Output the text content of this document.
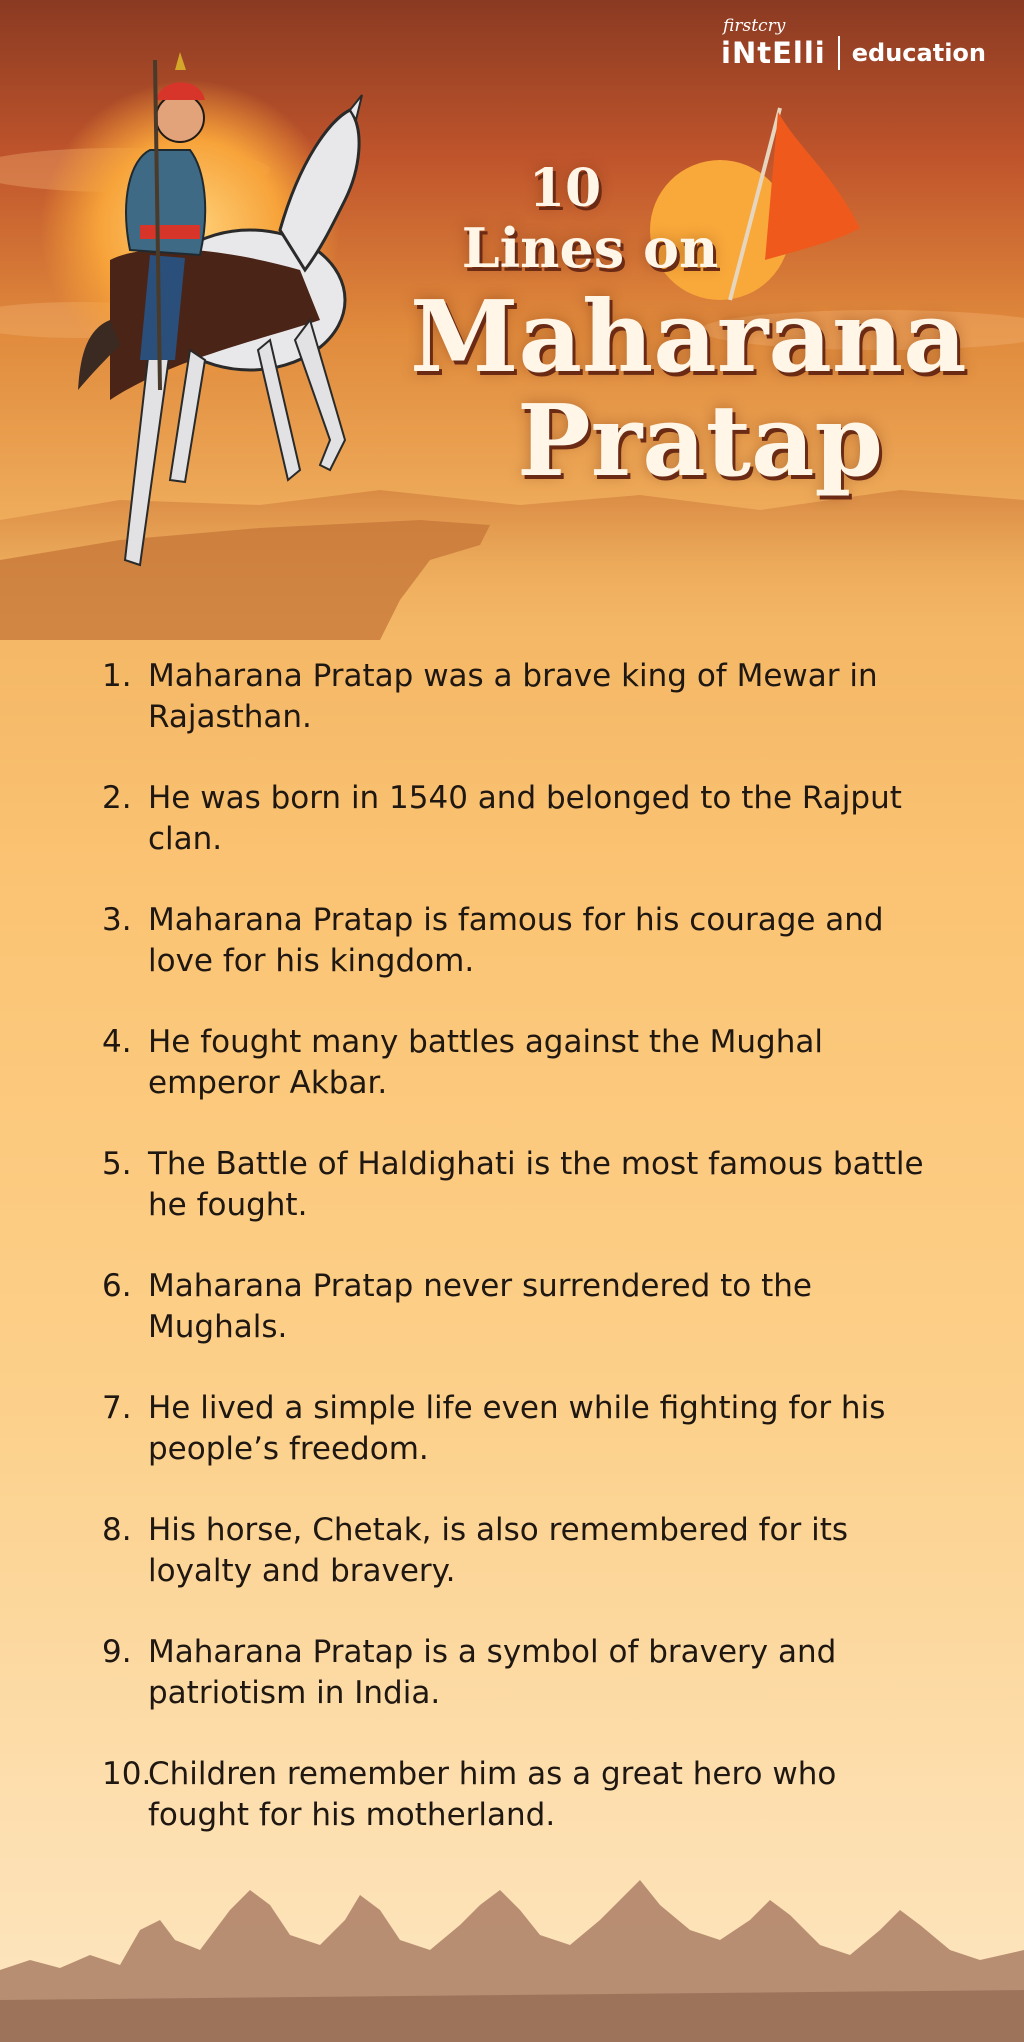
firstcry
iNtElli education
10
Lines on
Maharana
Pratap
1. Maharana Pratap was a brave king of Mewar in Rajasthan.
2. He was born in 1540 and belonged to the Rajput clan.
3. Maharana Pratap is famous for his courage and love for his kingdom.
4. He fought many battles against the Mughal emperor Akbar.
5. The Battle of Haldighati is the most famous battle he fought.
6. Maharana Pratap never surrendered to the Mughals.
7. He lived a simple life even while fighting for his people’s freedom.
8. His horse, Chetak, is also remembered for its loyalty and bravery.
9. Maharana Pratap is a symbol of bravery and patriotism in India.
10.
Children remember him as a great hero who fought for his motherland.
